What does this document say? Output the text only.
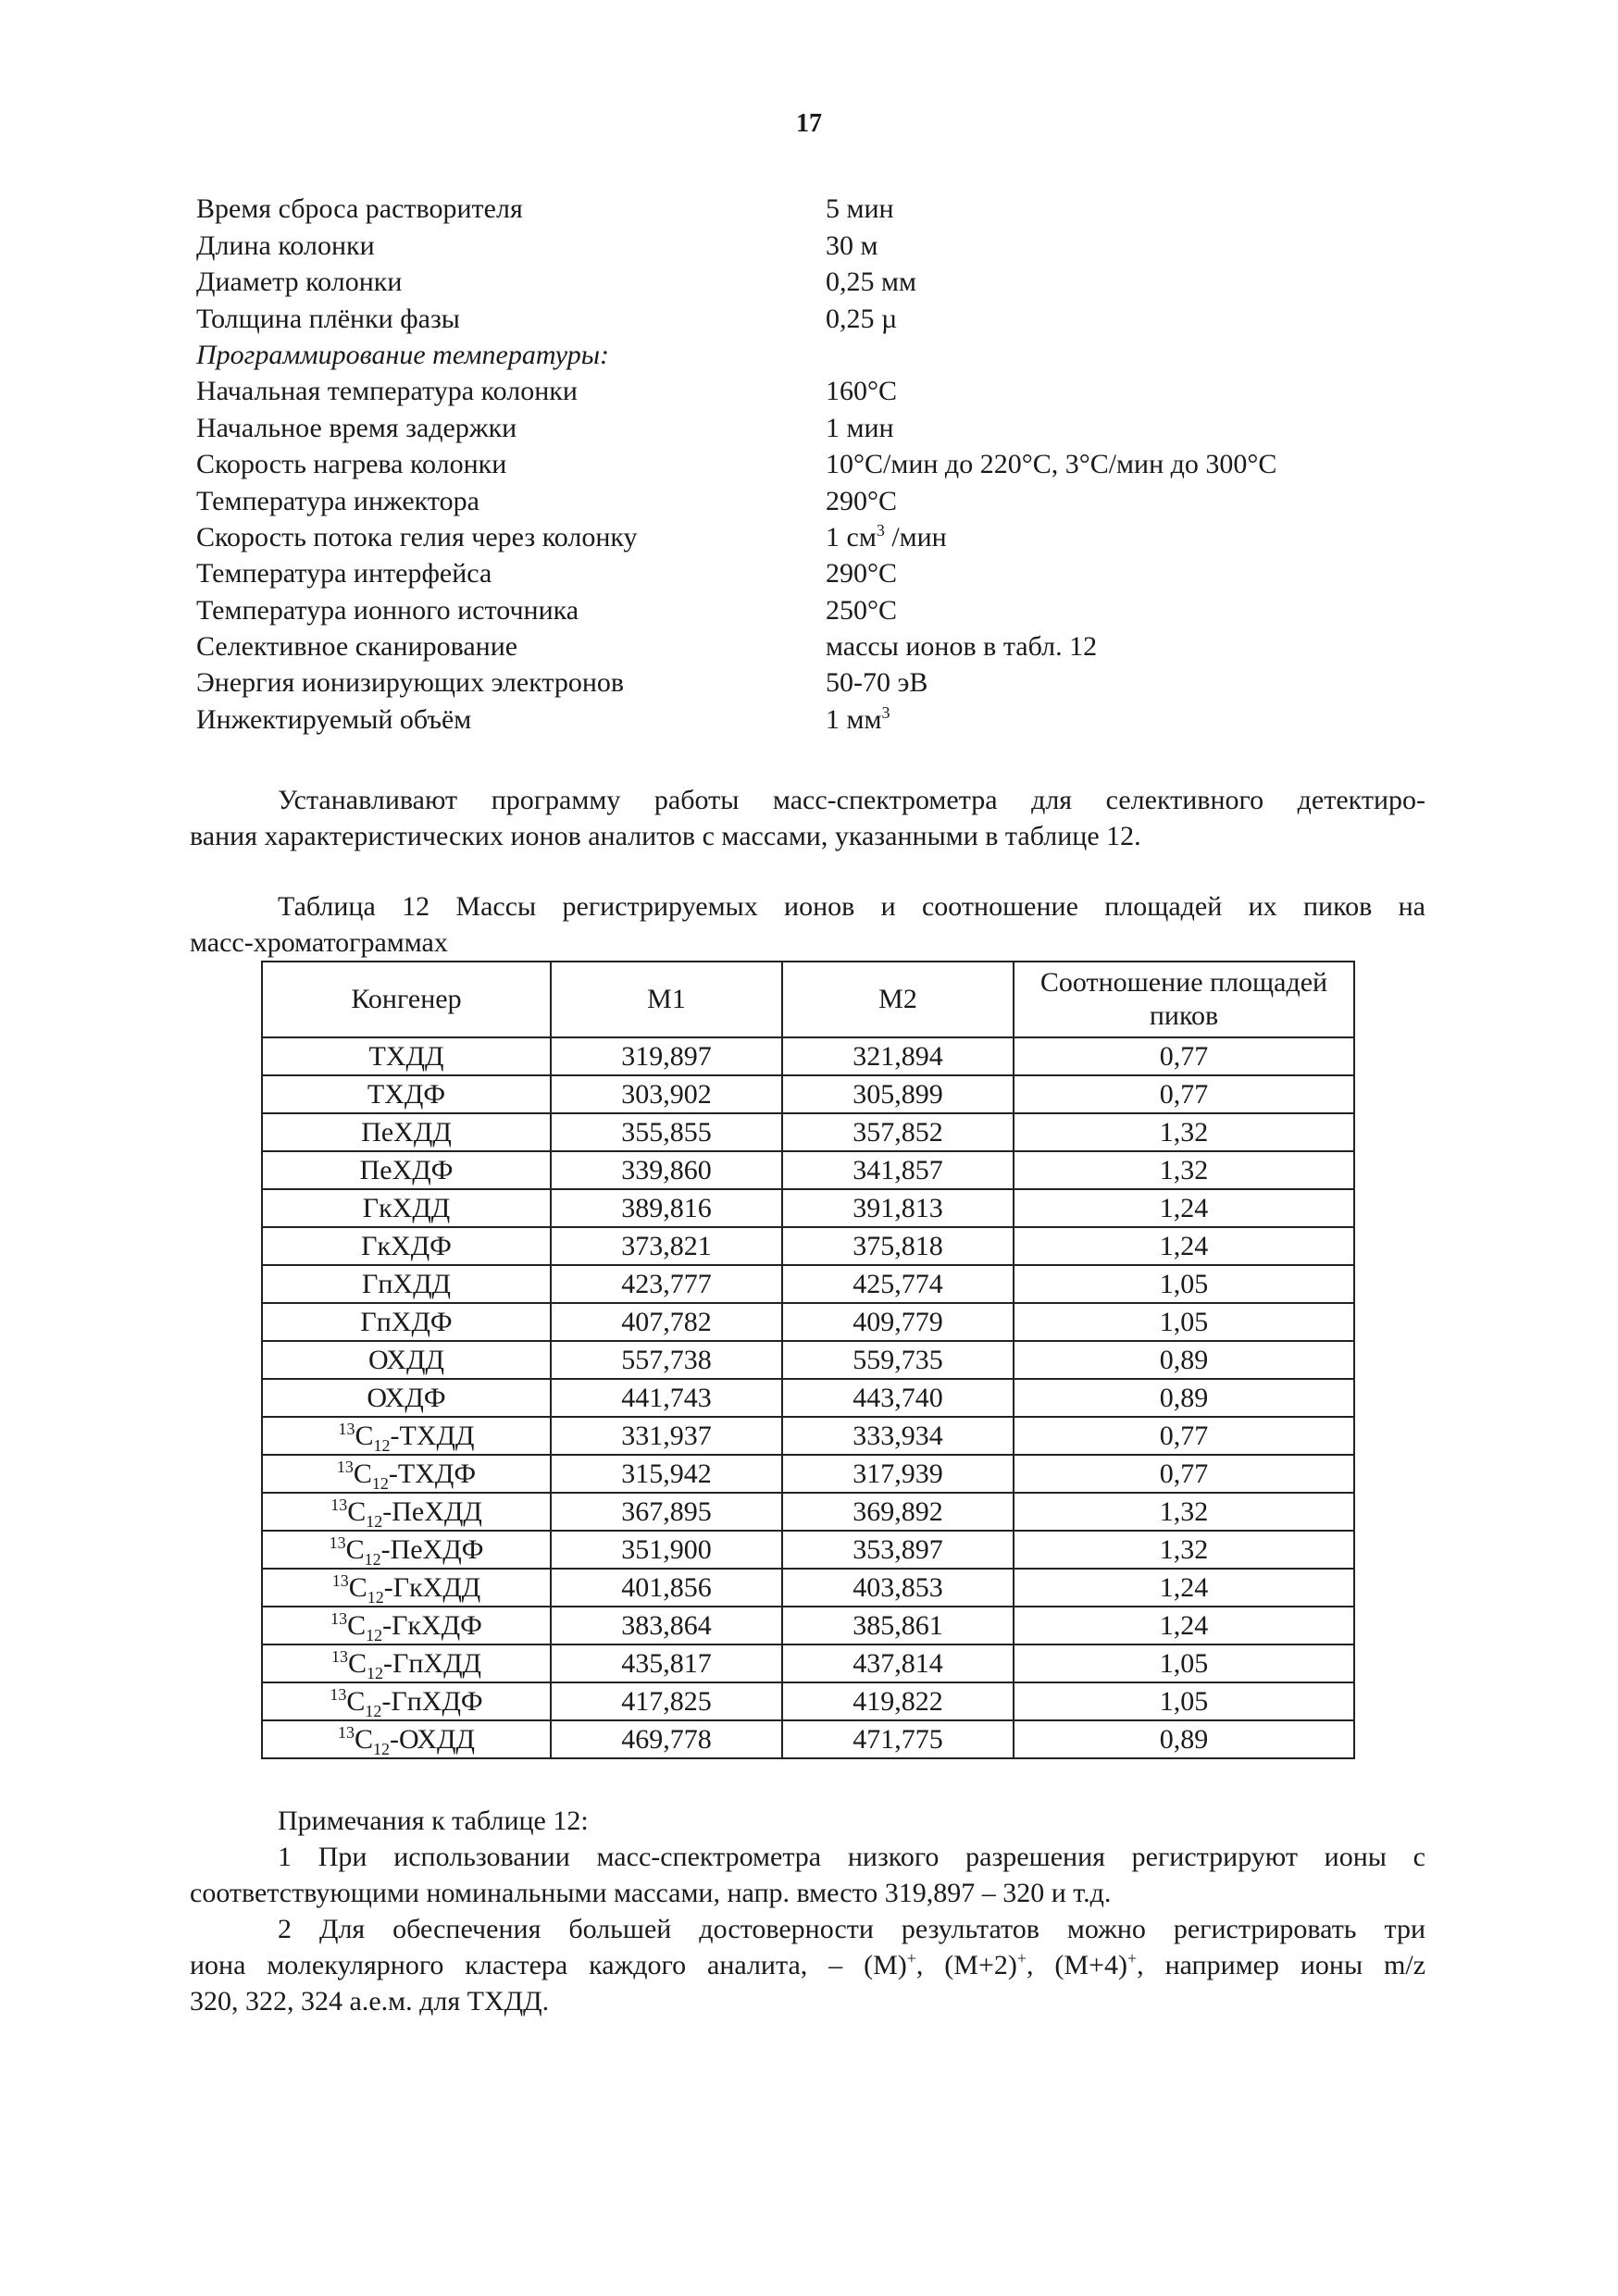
17
Время сброса растворителя	5 мин
Длина колонки	30 м
Диаметр колонки	0,25 мм
Толщина плёнки фазы	0,25 µ
Программирование температуры:
Начальная температура колонки	160°С
Начальное время задержки	1 мин
Скорость нагрева колонки	10°С/мин до 220°С, 3°С/мин до 300°С
Температура инжектора	290°С
Скорость потока гелия через колонку	1 $см^3$ /мин
Температура интерфейса	290°С
Температура ионного источника	250°С
Селективное сканирование	массы ионов в табл. 12
Энергия ионизирующих электронов	50-70 эВ
Инжектируемый объём	1 $мм^3$
Устанавливают программу работы масс-спектрометра для селективного детектиро-
вания характеристических ионов аналитов с массами, указанными в таблице 12.
Таблица 12 Массы регистрируемых ионов и соотношение площадей их пиков на
масс-хроматограммах
Конгенер	М1	М2	Соотношение площадей пиков
ТХДД	319,897	321,894	0,77
ТХДФ	303,902	305,899	0,77
ПеХДД	355,855	357,852	1,32
ПеХДФ	339,860	341,857	1,32
ГкХДД	389,816	391,813	1,24
ГкХДФ	373,821	375,818	1,24
ГпХДД	423,777	425,774	1,05
ГпХДФ	407,782	409,779	1,05
ОХДД	557,738	559,735	0,89
ОХДФ	441,743	443,740	0,89
$^{13}С_{12}$-ТХДД	331,937	333,934	0,77
$^{13}С_{12}$-ТХДФ	315,942	317,939	0,77
$^{13}С_{12}$-ПеХДД	367,895	369,892	1,32
$^{13}С_{12}$-ПеХДФ	351,900	353,897	1,32
$^{13}С_{12}$-ГкХДД	401,856	403,853	1,24
$^{13}С_{12}$-ГкХДФ	383,864	385,861	1,24
$^{13}С_{12}$-ГпХДД	435,817	437,814	1,05
$^{13}С_{12}$-ГпХДФ	417,825	419,822	1,05
$^{13}С_{12}$-ОХДД	469,778	471,775	0,89
Примечания к таблице 12:
1 При использовании масс-спектрометра низкого разрешения регистрируют ионы с
соответствующими номинальными массами, напр. вместо 319,897 – 320 и т.д.
2 Для обеспечения большей достоверности результатов можно регистрировать три
иона молекулярного кластера каждого аналита, – (М)+, (М+2)+, (М+4)+, например ионы m/z
320, 322, 324 а.е.м. для ТХДД.
